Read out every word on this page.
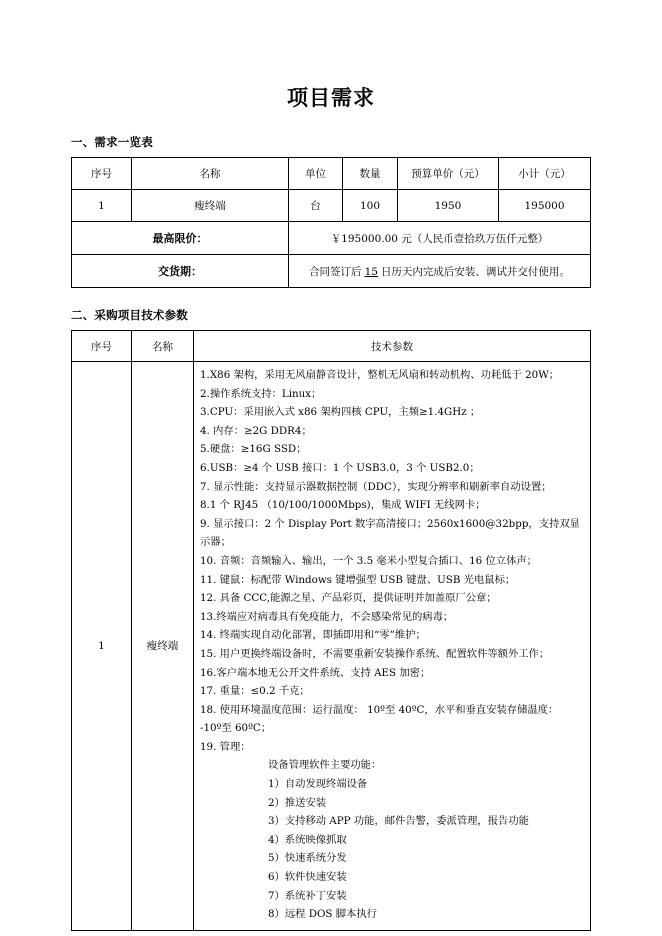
项目需求
一、需求一览表
序号	名称	单位	数量	预算单价（元）	小计（元）
1	瘦终端	台	100	1950	195000
最高限价：		￥195000.00 元（人民币壹拾玖万伍仟元整）			
交货期：		合同签订后 15 日历天内完成后安装、调试并交付使用。			
二、采购项目技术参数
序号	名称	技术参数
1	瘦终端	
1.X86 架构，采用无风扇静音设计，整机无风扇和转动机构、功耗低于 20W；
2.操作系统支持：Linux；
3.CPU：采用嵌入式 x86 架构四核 CPU，主频≥1.4GHz ；
4. 内存：≥2G DDR4；
5.硬盘：≥16G SSD；
6.USB：≥4 个 USB 接口：1 个 USB3.0，3 个 USB2.0；
7. 显示性能：支持显示器数据控制（DDC），实现分辨率和刷新率自动设置；
8.1 个 RJ45 （10/100/1000Mbps)，集成 WIFI 无线网卡；
9. 显示接口：2 个 Display Port 数字高清接口；2560x1600@32bpp，支持双显
示器；
10. 音频：音频输入、输出，一个 3.5 毫米小型复合插口、16 位立体声；
11. 键鼠：标配带 Windows 键增强型 USB 键盘、USB 光电鼠标；
12. 具备 CCC,能源之星、产品彩页，提供证明并加盖原厂公章；
13.终端应对病毒具有免疫能力，不会感染常见的病毒；
14. 终端实现自动化部署，即插即用和“零”维护；
15. 用户更换终端设备时，不需要重新安装操作系统、配置软件等额外工作；
16.客户端本地无公开文件系统、支持 AES 加密；
17. 重量：≤0.2 千克；
18. 使用环境温度范围：运行温度： 10º至 40ºC，水平和垂直安装存储温度：
-10º至 60ºC；
19. 管理：
设备管理软件主要功能：
1）自动发现终端设备
2）推送安装
3）支持移动 APP 功能，邮件告警，委派管理，报告功能
4）系统映像抓取
5）快速系统分发
6）软件快速安装
7）系统补丁安装
8）远程 DOS 脚本执行
